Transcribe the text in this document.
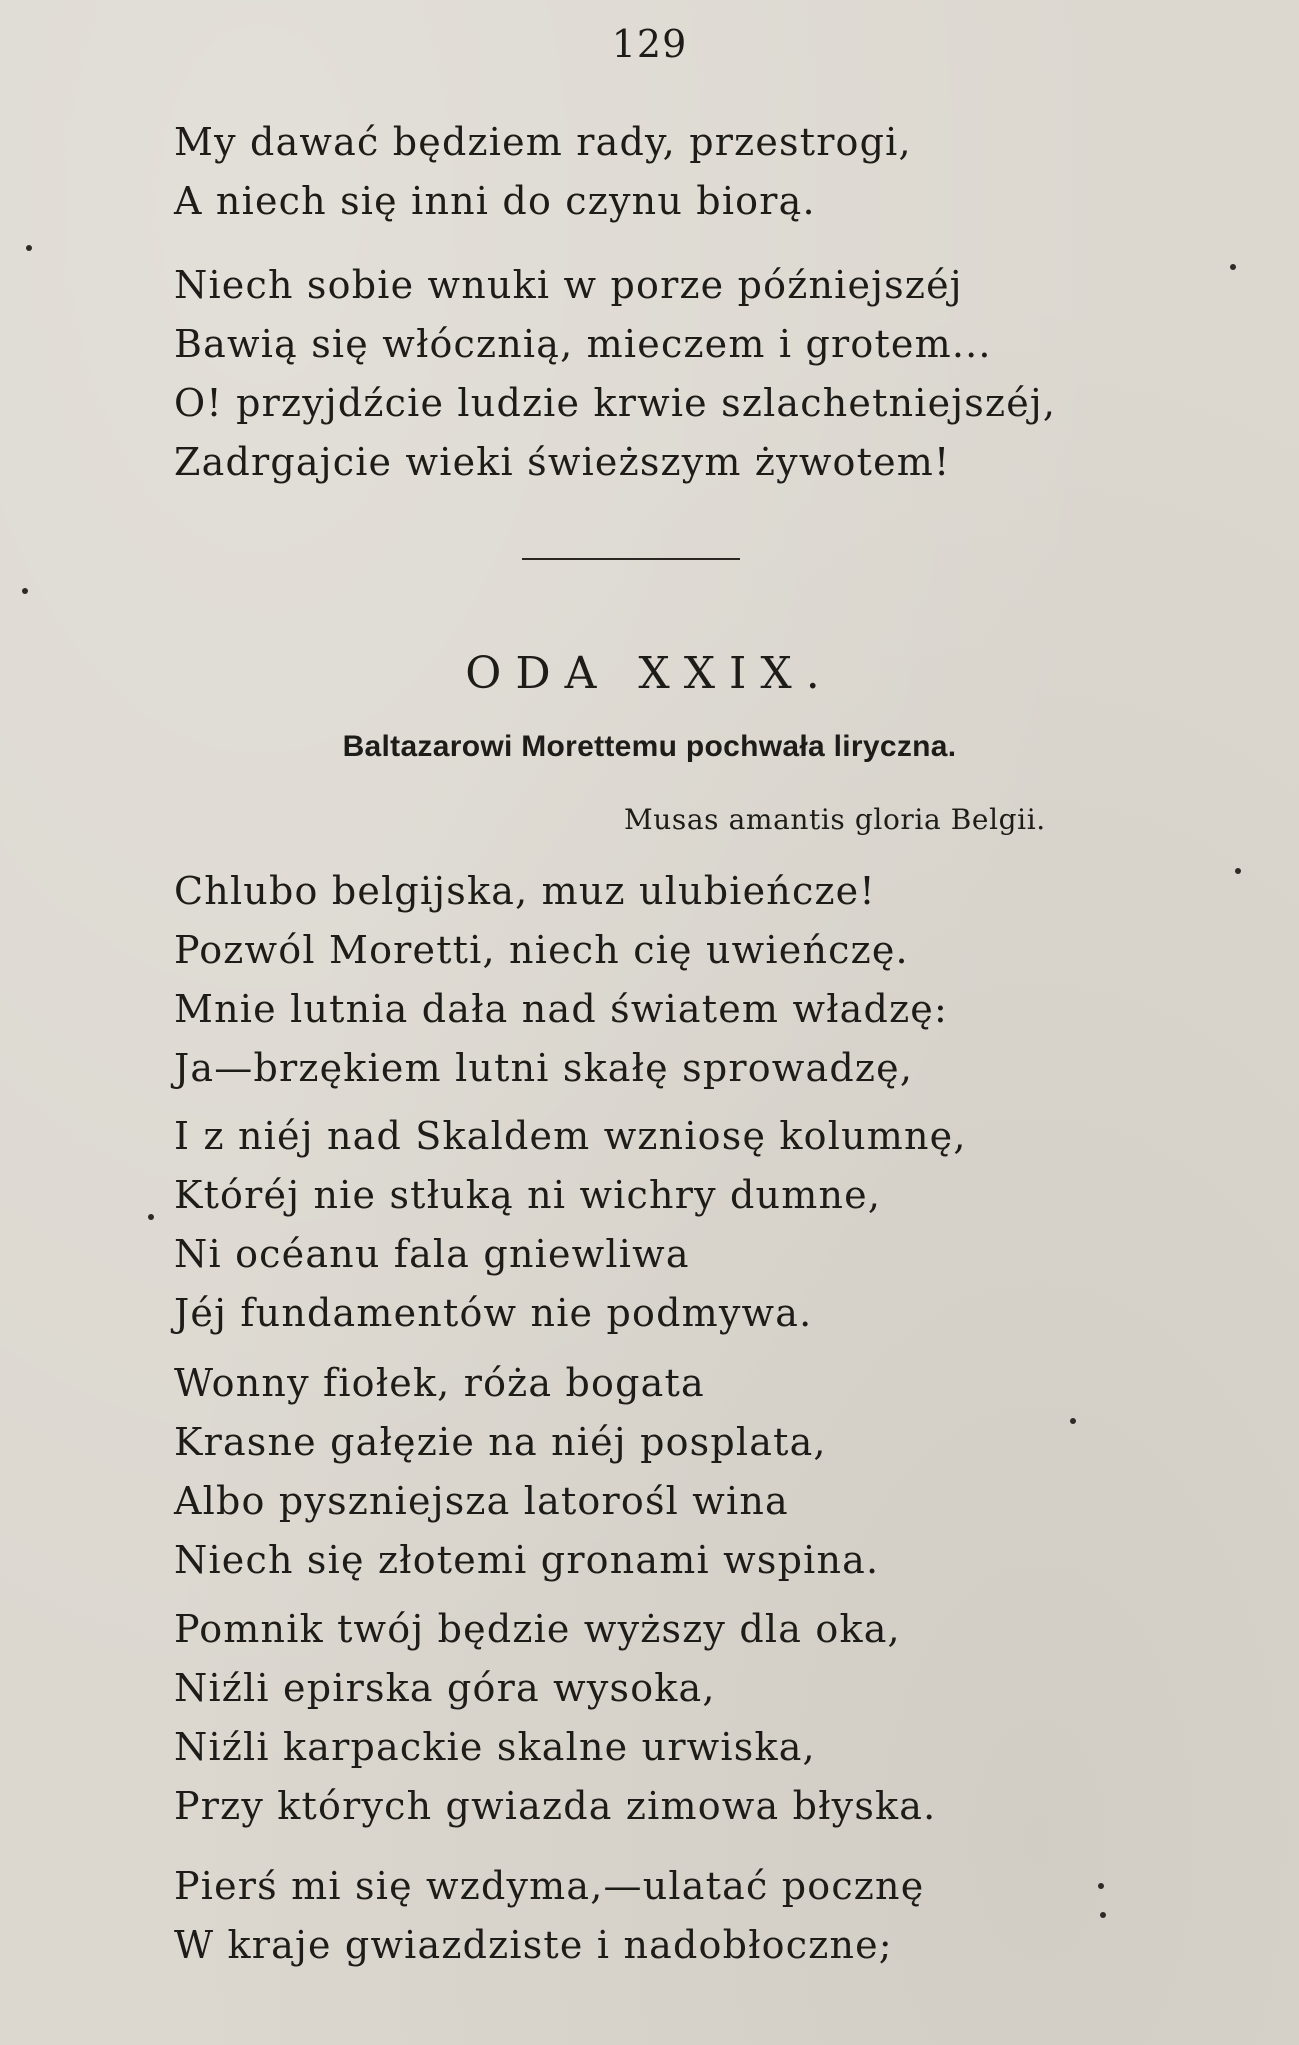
129
My dawać będziem rady, przestrogi,
A niech się inni do czynu biorą.
Niech sobie wnuki w porze późniejszéj
Bawią się włócznią, mieczem i grotem...
O! przyjdźcie ludzie krwie szlachetniejszéj,
Zadrgajcie wieki świeższym żywotem!
ODA XXIX.
Baltazarowi Morettemu pochwała liryczna.
Musas amantis gloria Belgii.
Chlubo belgijska, muz ulubieńcze!
Pozwól Moretti, niech cię uwieńczę.
Mnie lutnia dała nad światem władzę:
Ja—brzękiem lutni skałę sprowadzę,
I z niéj nad Skaldem wzniosę kolumnę,
Któréj nie stłuką ni wichry dumne,
Ni océanu fala gniewliwa
Jéj fundamentów nie podmywa.
Wonny fiołek, róża bogata
Krasne gałęzie na niéj posplata,
Albo pyszniejsza latorośl wina
Niech się złotemi gronami wspina.
Pomnik twój będzie wyższy dla oka,
Niźli epirska góra wysoka,
Niźli karpackie skalne urwiska,
Przy których gwiazda zimowa błyska.
Pierś mi się wzdyma,—ulatać pocznę
W kraje gwiazdziste i nadobłoczne;
